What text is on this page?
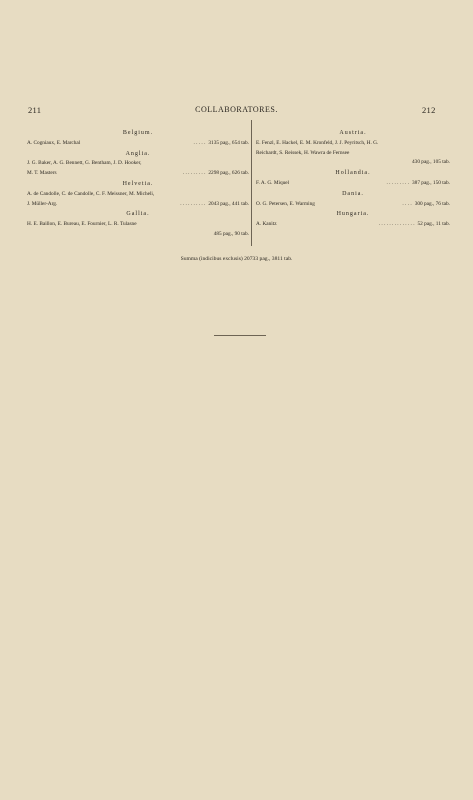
211	COLLABORATORES.	212
Belgium.
A. Cogniaux, E. Marchal	. . . . . 3135 pag., 654 tab.
Anglia.
J. G. Baker, A. G. Bennett, G. Bentham, J. D. Hooker,
M. T. Masters	. . . . . . . . . 2298 pag., 626 tab.
Helvetia.
A. de Candolle, C. de Candolle, C. F. Meissner, M. Micheli,
J. Müller-Arg.	. . . . . . . . . . 2043 pag., 441 tab.
Gallia.
H. E. Baillon, E. Bureau, E. Fournier, L. R. Tulasne
485 pag., 90 tab.
Austria.
E. Fenzl, E. Hackel, E. M. Kronfeld, J. J. Peyritsch, H. G.
Reichardt, S. Reissek, H. Wawra de Fernsee
430 pag., 105 tab.
Hollandia.
F. A. G. Miquel	. . . . . . . . . 387 pag., 150 tab.
Dania.
O. G. Petersen, E. Warming	. . . . 300 pag., 76 tab.
Hungaria.
A. Kanitz	. . . . . . . . . . . . . . 52 pag., 11 tab.
Summa (indicibus exclusis) 20733 pag., 3811 tab.
